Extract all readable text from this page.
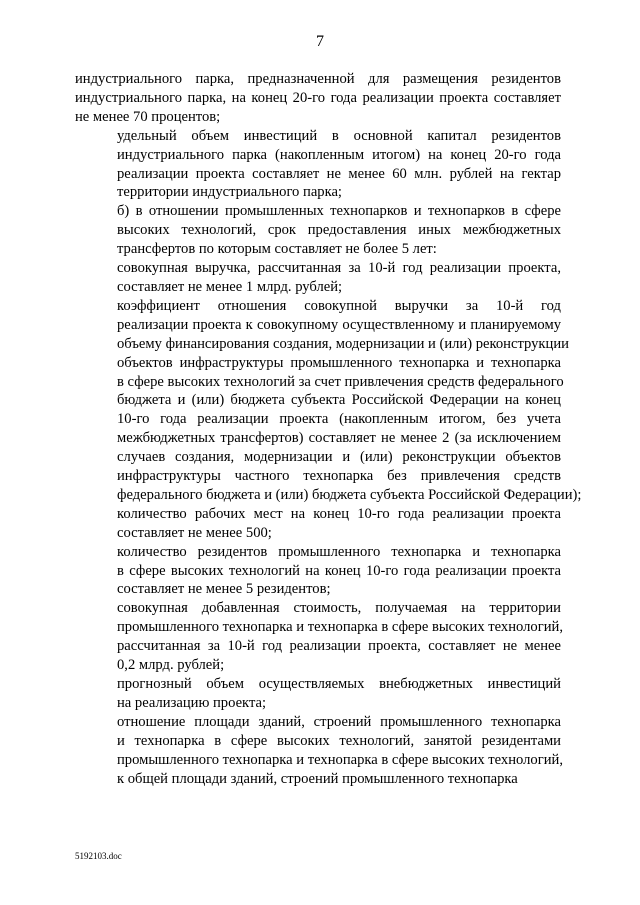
7

индустриального парка, предназначенной для размещения резидентов
индустриального парка, на конец 20-го года реализации проекта составляет
не менее 70 процентов;

удельный объем инвестиций в основной капитал резидентов
индустриального парка (накопленным итогом) на конец 20-го года
реализации проекта составляет не менее 60 млн. рублей на гектар
территории индустриального парка;

б) в отношении промышленных технопарков и технопарков в сфере
высоких технологий, срок предоставления иных межбюджетных
трансфертов по которым составляет не более 5 лет:

совокупная выручка, рассчитанная за 10-й год реализации проекта,
составляет не менее 1 млрд. рублей;

коэффициент отношения совокупной выручки за 10-й год
реализации проекта к совокупному осуществленному и планируемому
объему финансирования создания, модернизации и (или) реконструкции
объектов инфраструктуры промышленного технопарка и технопарка
в сфере высоких технологий за счет привлечения средств федерального
бюджета и (или) бюджета субъекта Российской Федерации на конец
10-го года реализации проекта (накопленным итогом, без учета
межбюджетных трансфертов) составляет не менее 2 (за исключением
случаев создания, модернизации и (или) реконструкции объектов
инфраструктуры частного технопарка без привлечения средств
федерального бюджета и (или) бюджета субъекта Российской Федерации);

количество рабочих мест на конец 10-го года реализации проекта
составляет не менее 500;

количество резидентов промышленного технопарка и технопарка
в сфере высоких технологий на конец 10-го года реализации проекта
составляет не менее 5 резидентов;

совокупная добавленная стоимость, получаемая на территории
промышленного технопарка и технопарка в сфере высоких технологий,
рассчитанная за 10-й год реализации проекта, составляет не менее
0,2 млрд. рублей;

прогнозный объем осуществляемых внебюджетных инвестиций
на реализацию проекта;

отношение площади зданий, строений промышленного технопарка
и технопарка в сфере высоких технологий, занятой резидентами
промышленного технопарка и технопарка в сфере высоких технологий,
к общей площади зданий, строений промышленного технопарка

5192103.doc
